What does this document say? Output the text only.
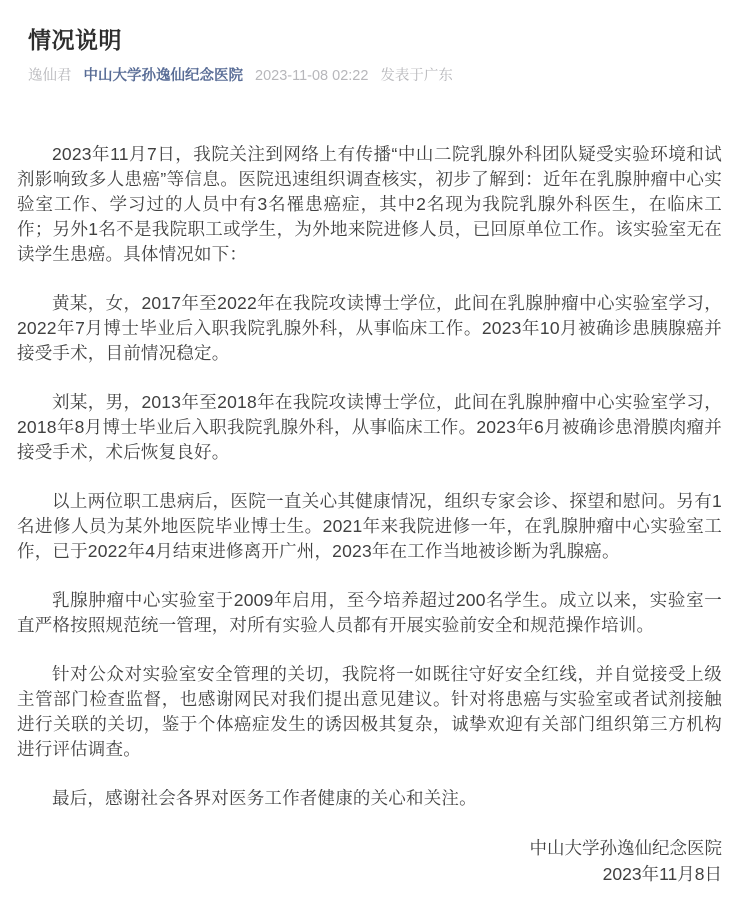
情况说明
逸仙君 中山大学孙逸仙纪念医院 2023-11-08 02:22 发表于广东

2023年11月7日，我院关注到网络上有传播“中山二院乳腺外科团队疑受实验环境和试剂影响致多人患癌”等信息。医院迅速组织调查核实，初步了解到：近年在乳腺肿瘤中心实验室工作、学习过的人员中有3名罹患癌症，其中2名现为我院乳腺外科医生，在临床工作；另外1名不是我院职工或学生，为外地来院进修人员，已回原单位工作。该实验室无在读学生患癌。具体情况如下：

黄某，女，2017年至2022年在我院攻读博士学位，此间在乳腺肿瘤中心实验室学习，2022年7月博士毕业后入职我院乳腺外科，从事临床工作。2023年10月被确诊患胰腺癌并接受手术，目前情况稳定。

刘某，男，2013年至2018年在我院攻读博士学位，此间在乳腺肿瘤中心实验室学习，2018年8月博士毕业后入职我院乳腺外科，从事临床工作。2023年6月被确诊患滑膜肉瘤并接受手术，术后恢复良好。

以上两位职工患病后，医院一直关心其健康情况，组织专家会诊、探望和慰问。另有1名进修人员为某外地医院毕业博士生。2021年来我院进修一年，在乳腺肿瘤中心实验室工作，已于2022年4月结束进修离开广州，2023年在工作当地被诊断为乳腺癌。

乳腺肿瘤中心实验室于2009年启用，至今培养超过200名学生。成立以来，实验室一直严格按照规范统一管理，对所有实验人员都有开展实验前安全和规范操作培训。

针对公众对实验室安全管理的关切，我院将一如既往守好安全红线，并自觉接受上级主管部门检查监督，也感谢网民对我们提出意见建议。针对将患癌与实验室或者试剂接触进行关联的关切，鉴于个体癌症发生的诱因极其复杂，诚挚欢迎有关部门组织第三方机构进行评估调查。

最后，感谢社会各界对医务工作者健康的关心和关注。

中山大学孙逸仙纪念医院
2023年11月8日
